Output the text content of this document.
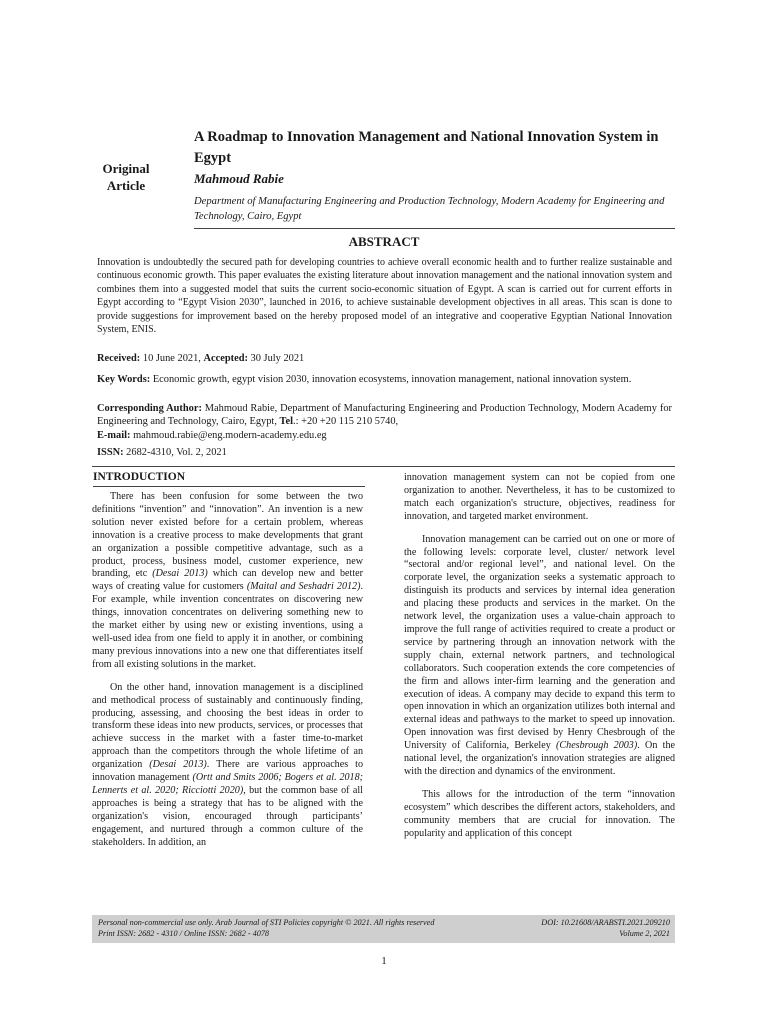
Original
Article
A Roadmap to Innovation Management and National Innovation System in Egypt
Mahmoud Rabie
Department of Manufacturing Engineering and Production Technology, Modern Academy for Engineering and Technology, Cairo, Egypt
ABSTRACT
Innovation is undoubtedly the secured path for developing countries to achieve overall economic health and to further realize sustainable and continuous economic growth. This paper evaluates the existing literature about innovation management and the national innovation system and combines them into a suggested model that suits the current socio-economic situation of Egypt. A scan is carried out for current efforts in Egypt according to “Egypt Vision 2030”, launched in 2016, to achieve sustainable development objectives in all areas. This scan is done to provide suggestions for improvement based on the hereby proposed model of an integrative and cooperative Egyptian National Innovation System, ENIS.
Received: 10 June 2021, Accepted: 30 July 2021
Key Words: Economic growth, egypt vision 2030, innovation ecosystems, innovation management, national innovation system.
Corresponding Author: Mahmoud Rabie, Department of Manufacturing Engineering and Production Technology, Modern Academy for Engineering and Technology, Cairo, Egypt, Tel.: +20 +20 115 210 5740,
E-mail: mahmoud.rabie@eng.modern-academy.edu.eg
ISSN: 2682-4310, Vol. 2, 2021
INTRODUCTION

There has been confusion for some between the two definitions “invention” and “innovation”. An invention is a new solution never existed before for a certain problem, whereas innovation is a creative process to make developments that grant an organization a possible competitive advantage, such as a product, process, business model, customer experience, new branding, etc (Desai 2013) which can develop new and better ways of creating value for customers (Maital and Seshadri 2012). For example, while invention concentrates on discovering new things, innovation concentrates on delivering something new to the market either by using new or existing inventions, using a well-used idea from one field to apply it in another, or combining many previous innovations into a new one that differentiates itself from all existing solutions in the market.

On the other hand, innovation management is a disciplined and methodical process of sustainably and continuously finding, producing, assessing, and choosing the best ideas in order to transform these ideas into new products, services, or processes that achieve success in the market with a faster time-to-market approach than the competitors through the whole lifetime of an organization (Desai 2013). There are various approaches to innovation management (Ortt and Smits 2006; Bogers et al. 2018; Lennerts et al. 2020; Ricciotti 2020), but the common base of all approaches is being a strategy that has to be aligned with the organization's vision, encouraged through participants’ engagement, and nurtured through a common culture of the stakeholders. In addition, an

innovation management system can not be copied from one organization to another. Nevertheless, it has to be customized to match each organization's structure, objectives, readiness for innovation, and targeted market environment.

Innovation management can be carried out on one or more of the following levels: corporate level, cluster/ network level “sectoral and/or regional level”, and national level. On the corporate level, the organization seeks a systematic approach to distinguish its products and services by internal idea generation and placing these products and services in the market. On the network level, the organization uses a value-chain approach to improve the full range of activities required to create a product or service by partnering through an innovation network with the supply chain, external network partners, and technological collaborators. Such cooperation extends the core competencies of the firm and allows inter-firm learning and the generation and execution of ideas. A company may decide to expand this term to open innovation in which an organization utilizes both internal and external ideas and pathways to the market to speed up innovation. Open innovation was first devised by Henry Chesbrough of the University of California, Berkeley (Chesbrough 2003). On the national level, the organization's innovation strategies are aligned with the direction and dynamics of the environment.

This allows for the introduction of the term “innovation ecosystem” which describes the different actors, stakeholders, and community members that are crucial for innovation. The popularity and application of this concept

Personal non-commercial use only. Arab Journal of STI Policies copyright © 2021. All rights reserved
Print ISSN: 2682 - 4310 / Online ISSN: 2682 - 4078
DOI: 10.21608/ARABSTI.2021.209210
Volume 2, 2021
1
